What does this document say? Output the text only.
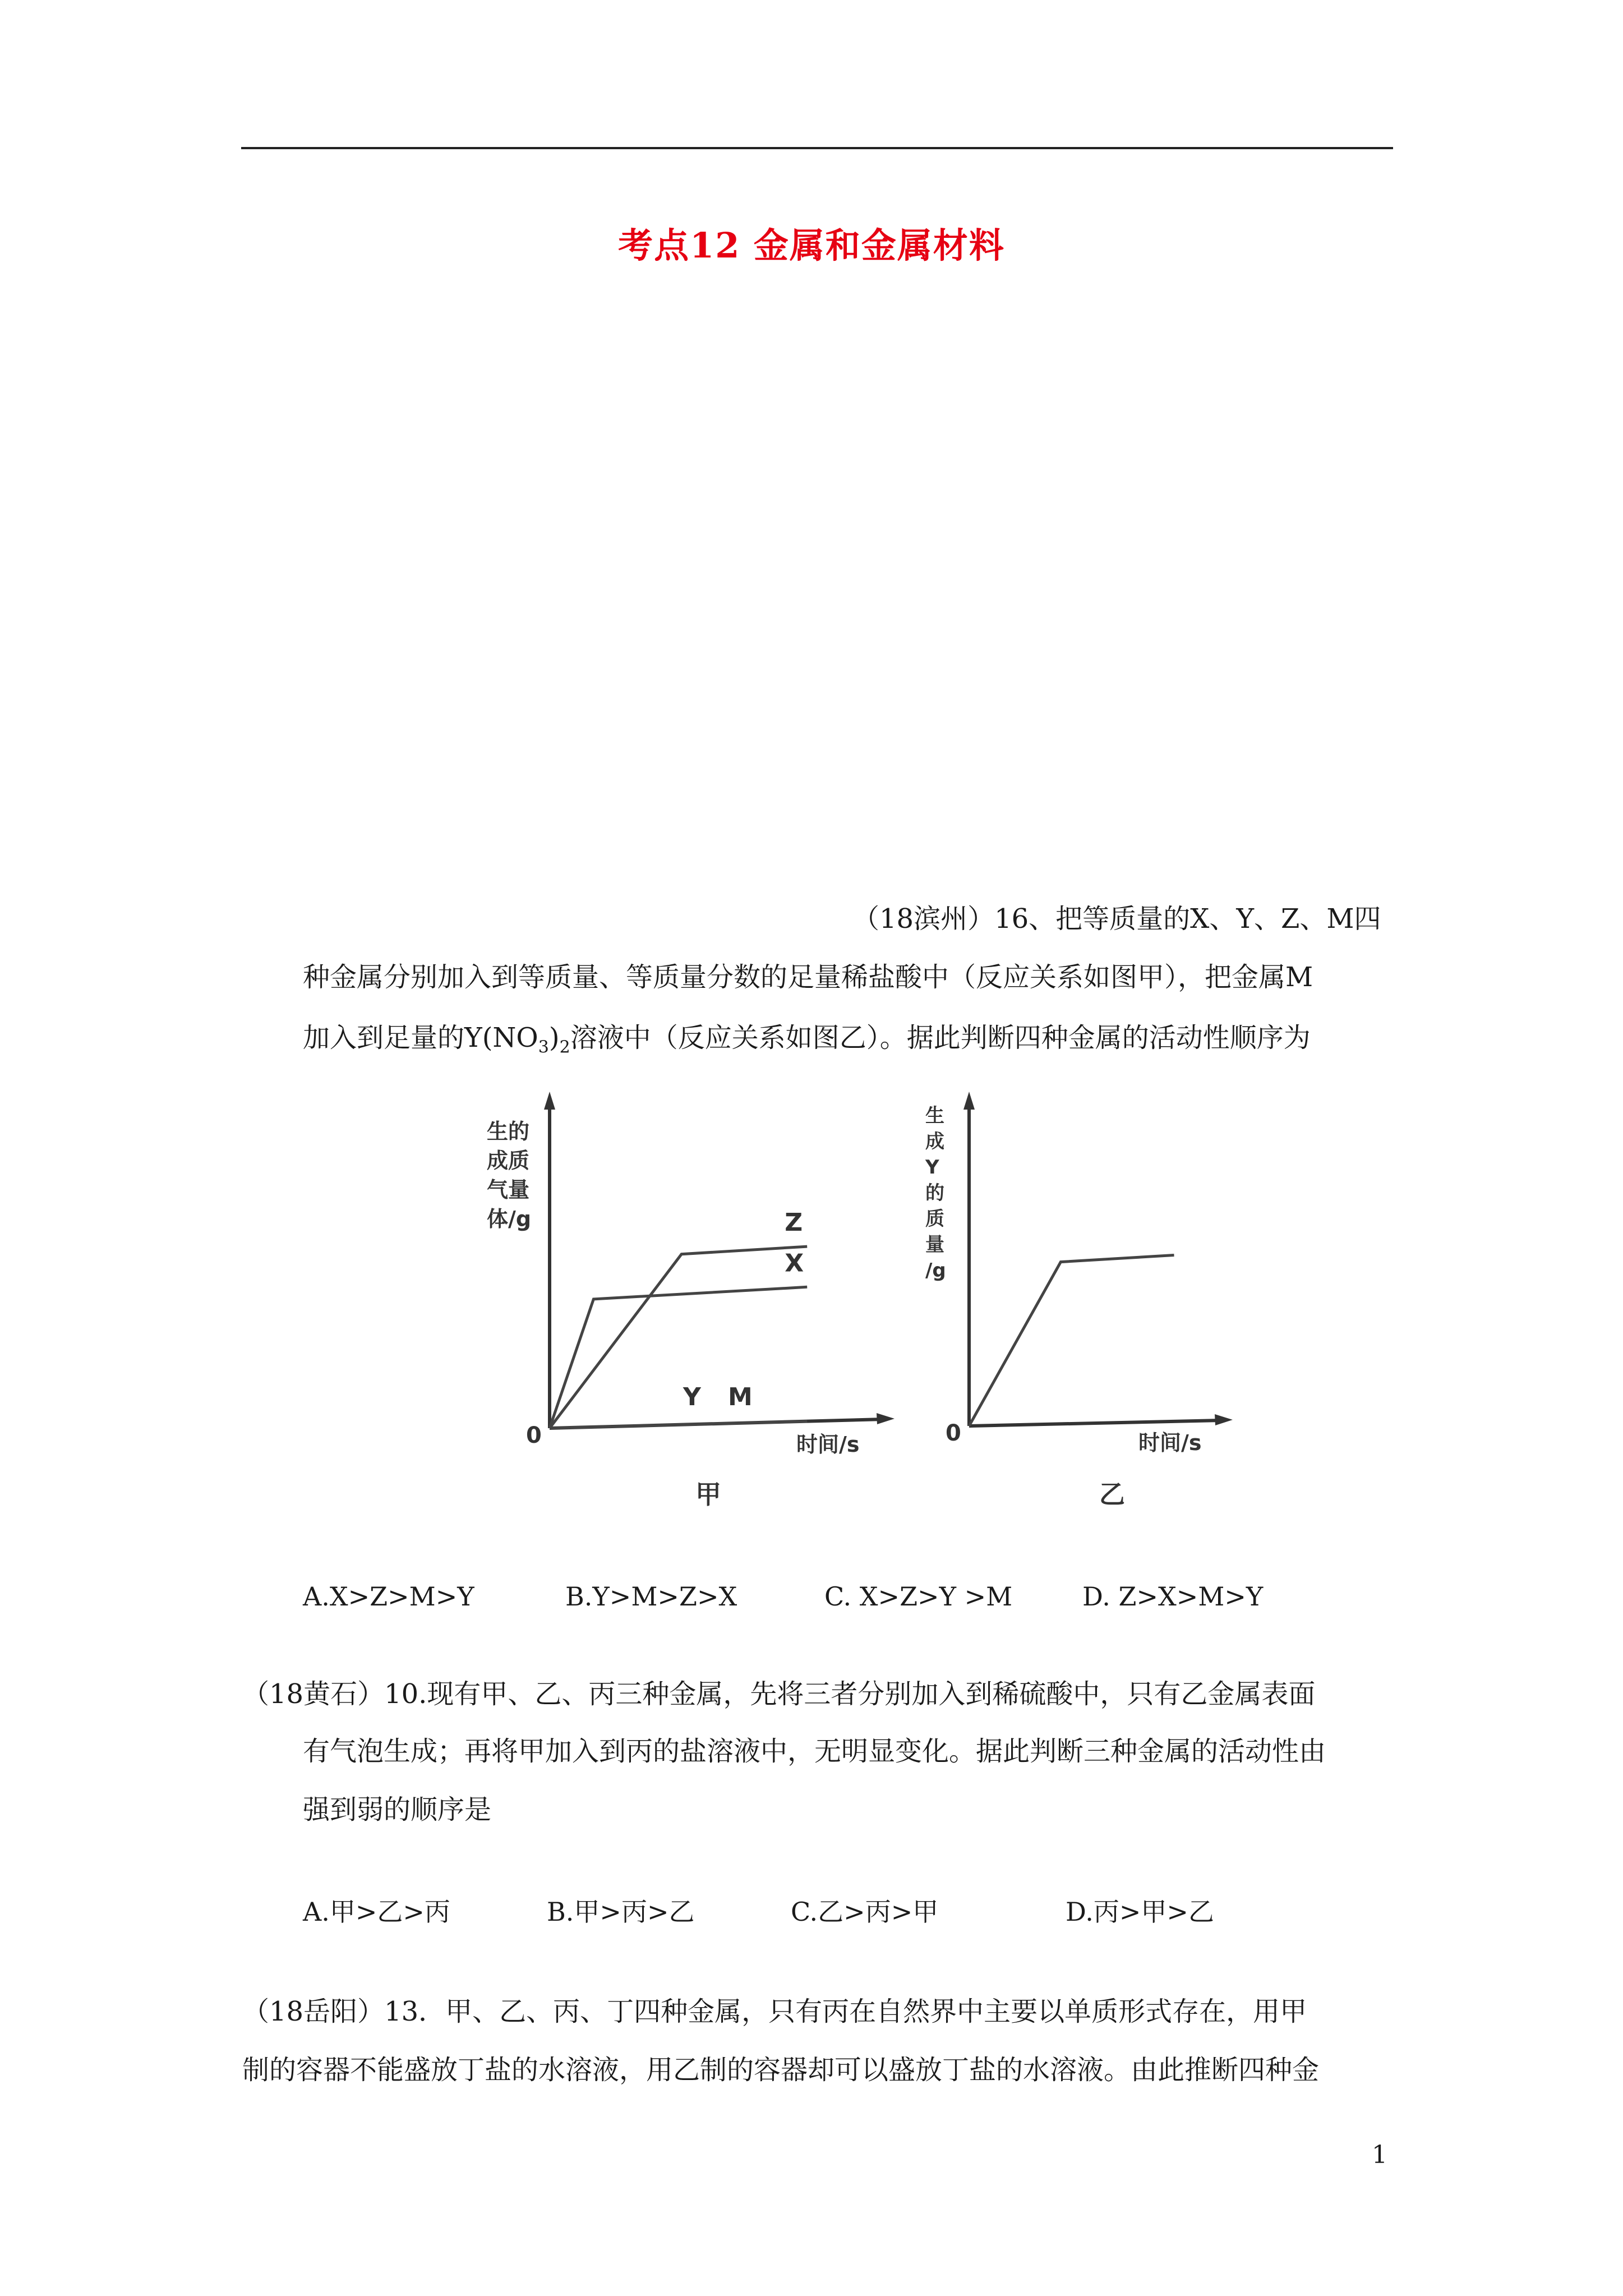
考点12 金属和金属材料
（18滨州）16、把等质量的X、Y、Z、M四
种金属分别加入到等质量、等质量分数的足量稀盐酸中（反应关系如图甲），把金属M
加入到足量的$Y(NO_3)_2$溶液中（反应关系如图乙）。据此判断四种金属的活动性顺序为
生的
成质
气量
体/g
0	时间/s
Z
X
Y M
甲
生
成
Y
的
质
量
/g
0	时间/s
乙
A.X>Z>M>Y	B.Y>M>Z>X	C. X>Z>Y >M	D. Z>X>M>Y
（18黄石）10.现有甲、乙、丙三种金属，先将三者分别加入到稀硫酸中，只有乙金属表面
有气泡生成；再将甲加入到丙的盐溶液中，无明显变化。据此判断三种金属的活动性由
强到弱的顺序是
A.甲>乙>丙	B.甲>丙>乙	C.乙>丙>甲	D.丙>甲>乙
（18岳阳）13．甲、乙、丙、丁四种金属，只有丙在自然界中主要以单质形式存在，用甲
制的容器不能盛放丁盐的水溶液，用乙制的容器却可以盛放丁盐的水溶液。由此推断四种金
1
